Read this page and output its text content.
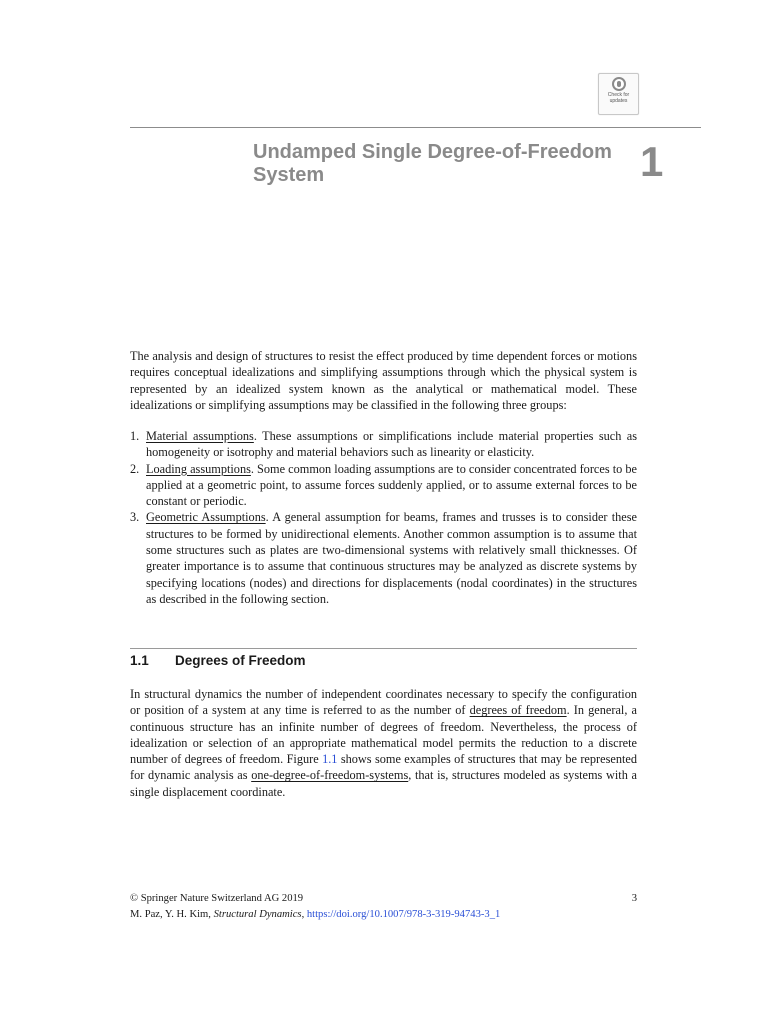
Check for updates
Undamped Single Degree-of-Freedom System	1

The analysis and design of structures to resist the effect produced by time dependent forces or motions requires conceptual idealizations and simplifying assumptions through which the physical system is represented by an idealized system known as the analytical or mathematical model. These idealizations or simplifying assumptions may be classified in the following three groups:

1. Material assumptions. These assumptions or simplifications include material properties such as homogeneity or isotrophy and material behaviors such as linearity or elasticity.
2. Loading assumptions. Some common loading assumptions are to consider concentrated forces to be applied at a geometric point, to assume forces suddenly applied, or to assume external forces to be constant or periodic.
3. Geometric Assumptions. A general assumption for beams, frames and trusses is to consider these structures to be formed by unidirectional elements. Another common assumption is to assume that some structures such as plates are two-dimensional systems with relatively small thicknesses. Of greater importance is to assume that continuous structures may be analyzed as discrete systems by specifying locations (nodes) and directions for displacements (nodal coordinates) in the structures as described in the following section.
1.1 Degrees of Freedom

In structural dynamics the number of independent coordinates necessary to specify the configuration or position of a system at any time is referred to as the number of degrees of freedom. In general, a continuous structure has an infinite number of degrees of freedom. Nevertheless, the process of idealization or selection of an appropriate mathematical model permits the reduction to a discrete number of degrees of freedom. Figure 1.1 shows some examples of structures that may be represented for dynamic analysis as one-degree-of-freedom-systems, that is, structures modeled as systems with a single displacement coordinate.

© Springer Nature Switzerland AG 2019	3
M. Paz, Y. H. Kim, Structural Dynamics, https://doi.org/10.1007/978-3-319-94743-3_1
